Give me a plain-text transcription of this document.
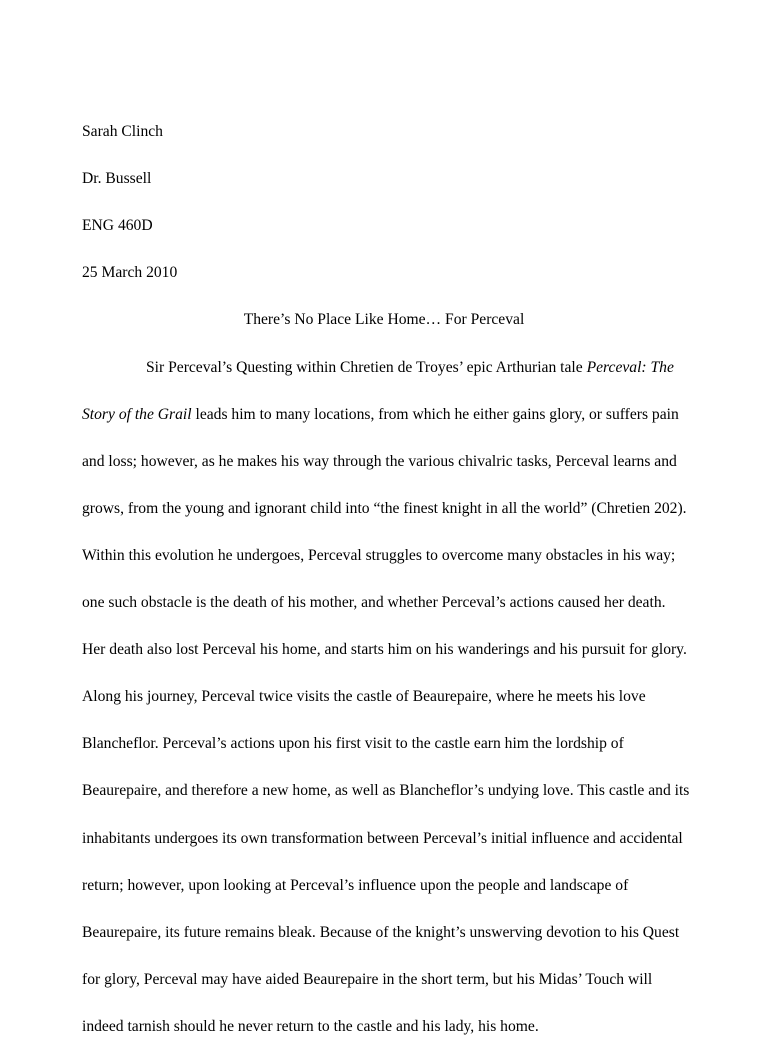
Sarah Clinch
Dr. Bussell
ENG 460D
25 March 2010
There’s No Place Like Home… For Perceval
Sir Perceval’s Questing within Chretien de Troyes’ epic Arthurian tale Perceval: The
Story of the Grail leads him to many locations, from which he either gains glory, or suffers pain
and loss; however, as he makes his way through the various chivalric tasks, Perceval learns and
grows, from the young and ignorant child into “the finest knight in all the world” (Chretien 202).
Within this evolution he undergoes, Perceval struggles to overcome many obstacles in his way;
one such obstacle is the death of his mother, and whether Perceval’s actions caused her death.
Her death also lost Perceval his home, and starts him on his wanderings and his pursuit for glory.
Along his journey, Perceval twice visits the castle of Beaurepaire, where he meets his love
Blancheflor. Perceval’s actions upon his first visit to the castle earn him the lordship of
Beaurepaire, and therefore a new home, as well as Blancheflor’s undying love. This castle and its
inhabitants undergoes its own transformation between Perceval’s initial influence and accidental
return; however, upon looking at Perceval’s influence upon the people and landscape of
Beaurepaire, its future remains bleak. Because of the knight’s unswerving devotion to his Quest
for glory, Perceval may have aided Beaurepaire in the short term, but his Midas’ Touch will
indeed tarnish should he never return to the castle and his lady, his home.
